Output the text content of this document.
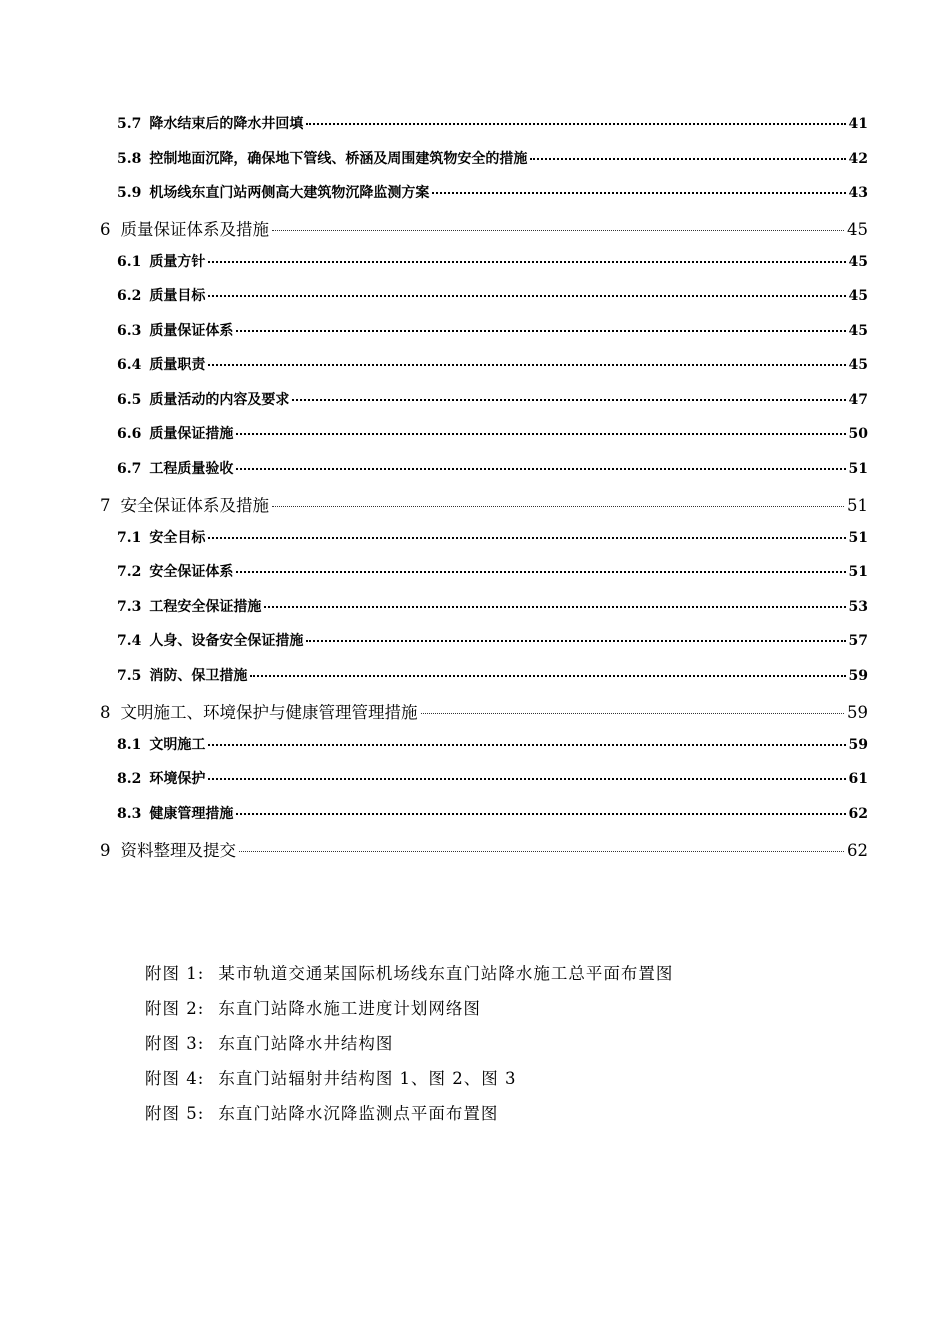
5.7 降水结束后的降水井回填	41
5.8 控制地面沉降，确保地下管线、桥涵及周围建筑物安全的措施	42
5.9 机场线东直门站两侧高大建筑物沉降监测方案	43
6 质量保证体系及措施	45
6.1 质量方针	45
6.2 质量目标	45
6.3 质量保证体系	45
6.4 质量职责	45
6.5 质量活动的内容及要求	47
6.6 质量保证措施	50
6.7 工程质量验收	51
7 安全保证体系及措施	51
7.1 安全目标	51
7.2 安全保证体系	51
7.3 工程安全保证措施	53
7.4 人身、设备安全保证措施	57
7.5 消防、保卫措施	59
8 文明施工、环境保护与健康管理管理措施	59
8.1 文明施工	59
8.2 环境保护	61
8.3 健康管理措施	62
9 资料整理及提交	62
附图 1: 某市轨道交通某国际机场线东直门站降水施工总平面布置图
附图 2: 东直门站降水施工进度计划网络图
附图 3: 东直门站降水井结构图
附图 4: 东直门站辐射井结构图 1、图 2、图 3
附图 5: 东直门站降水沉降监测点平面布置图
